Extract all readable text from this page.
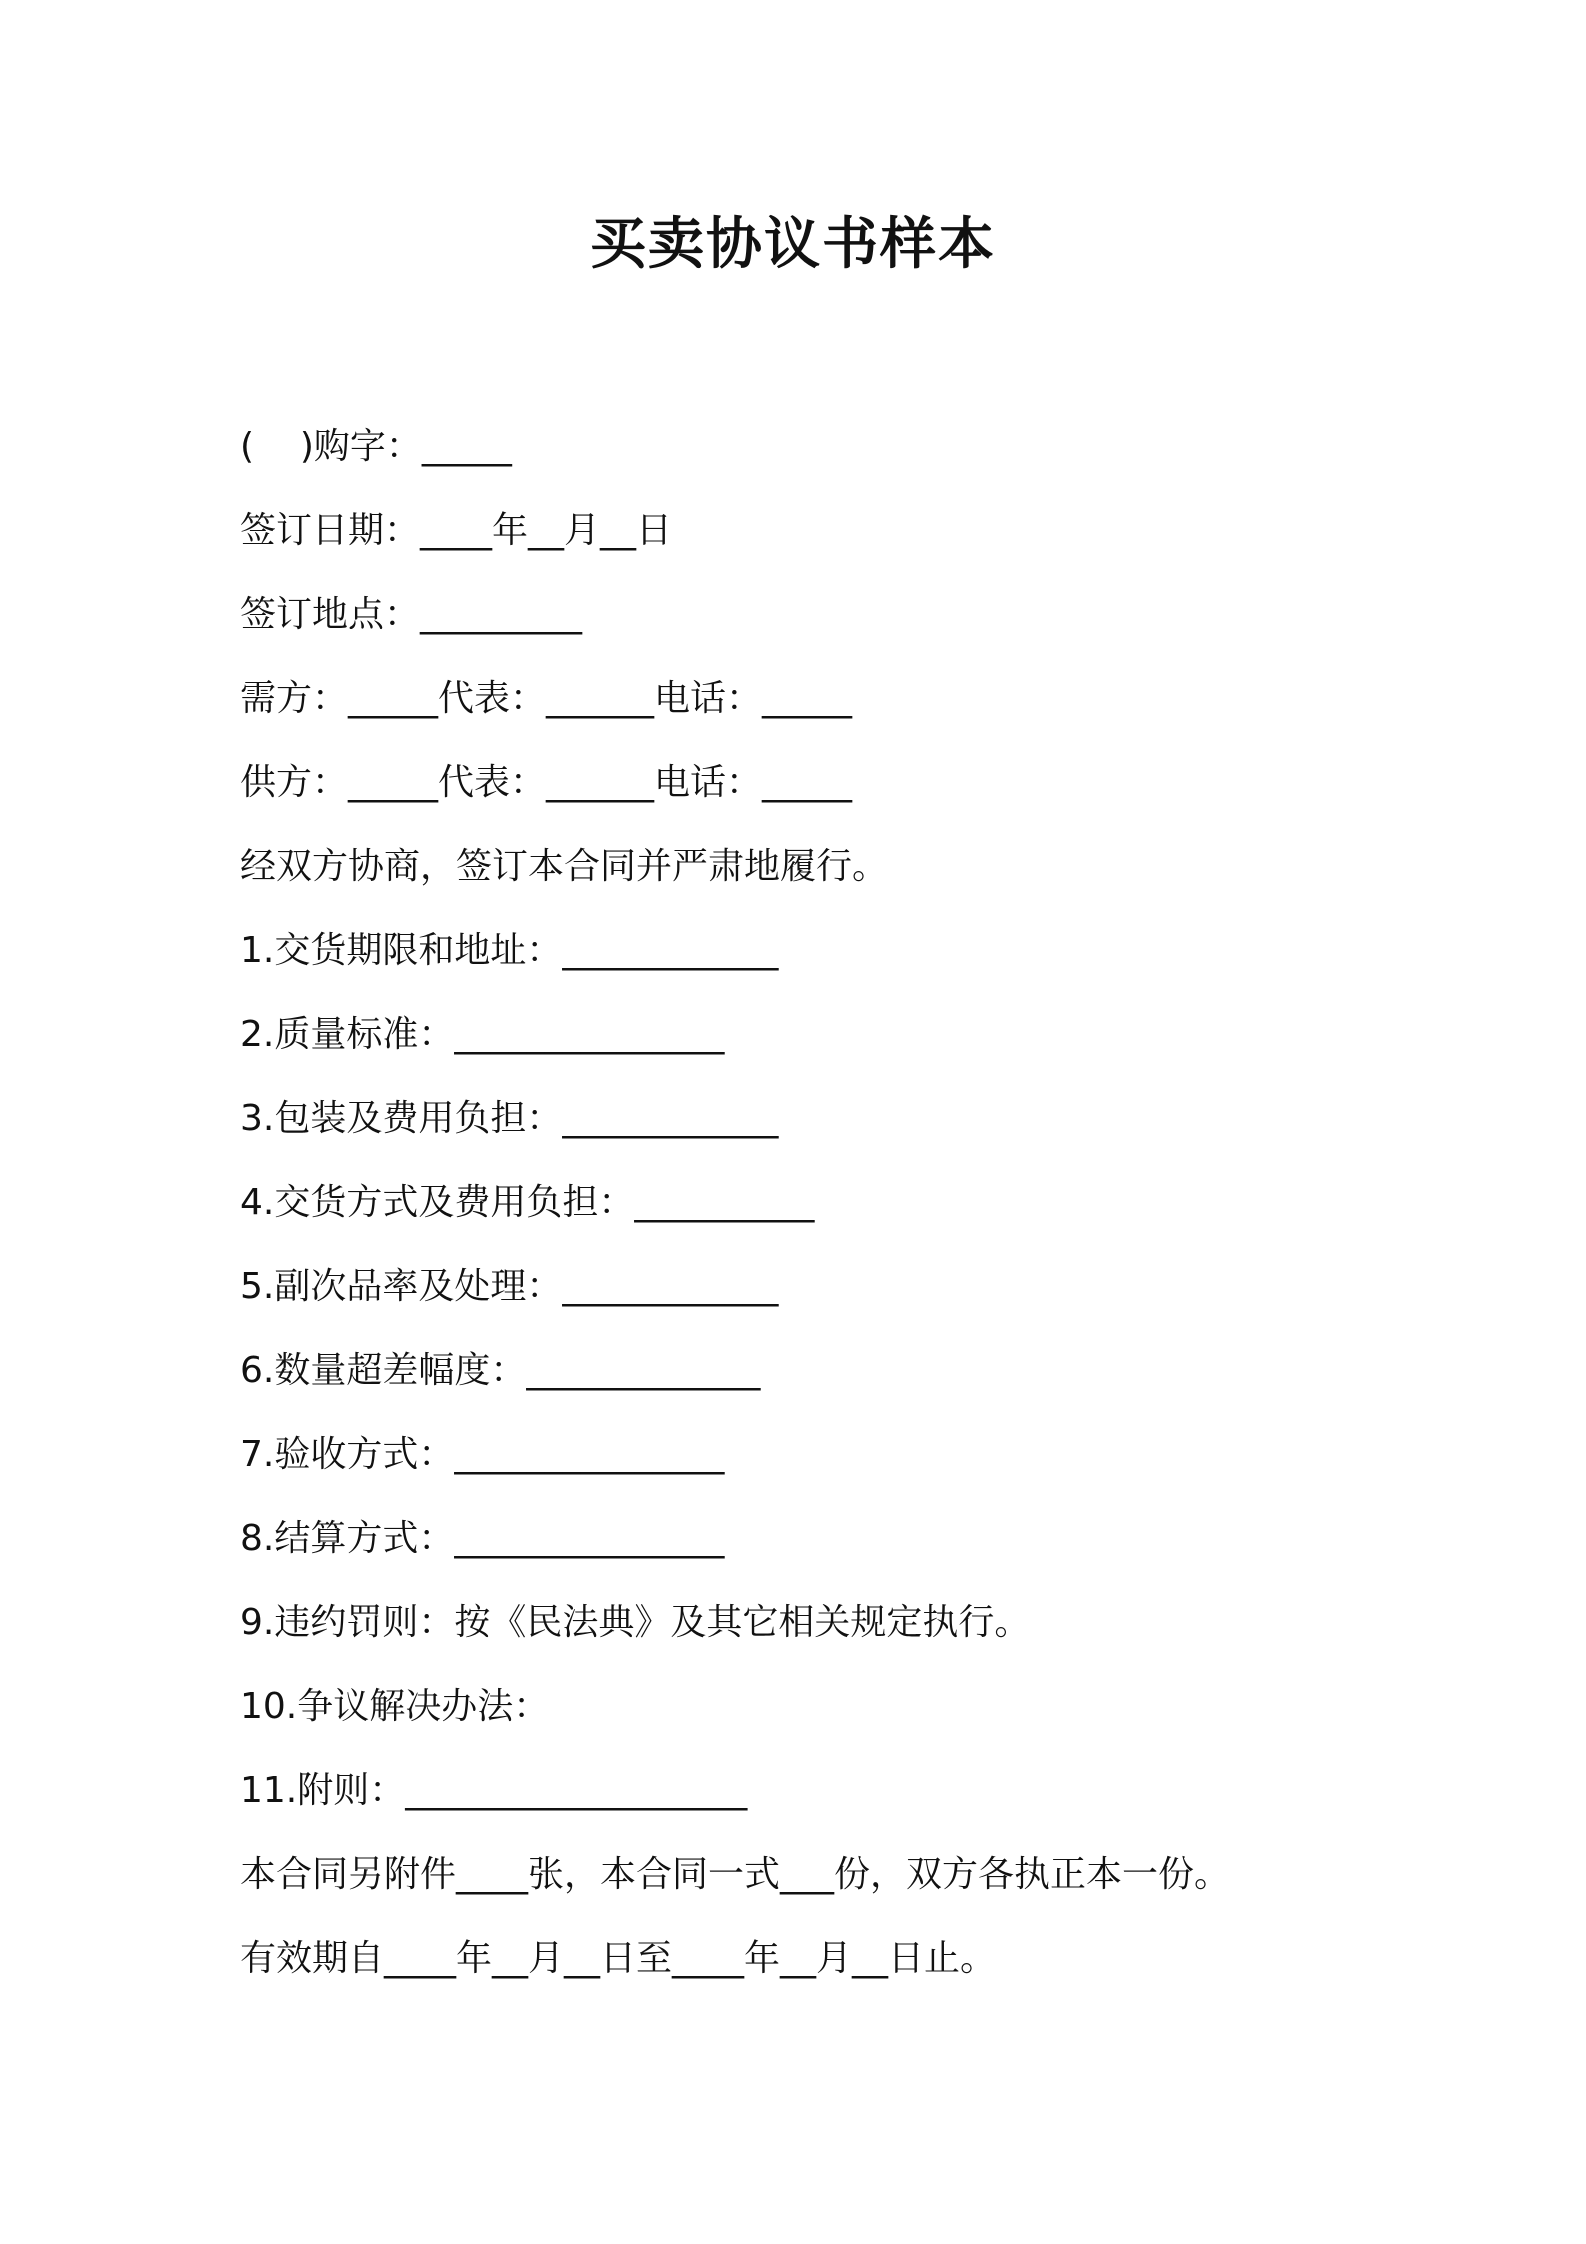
买卖协议书样本
(    )购字：_____
签订日期：____年__月__日
签订地点：_________
需方：_____代表：______电话：_____
供方：_____代表：______电话：_____
经双方协商，签订本合同并严肃地履行。
1.交货期限和地址：____________
2.质量标准：_______________
3.包装及费用负担：____________
4.交货方式及费用负担：__________
5.副次品率及处理：____________
6.数量超差幅度：_____________
7.验收方式：_______________
8.结算方式：_______________
9.违约罚则：按《民法典》及其它相关规定执行。
10.争议解决办法：
11.附则：___________________
本合同另附件____张，本合同一式___份，双方各执正本一份。
有效期自____年__月__日至____年__月__日止。
